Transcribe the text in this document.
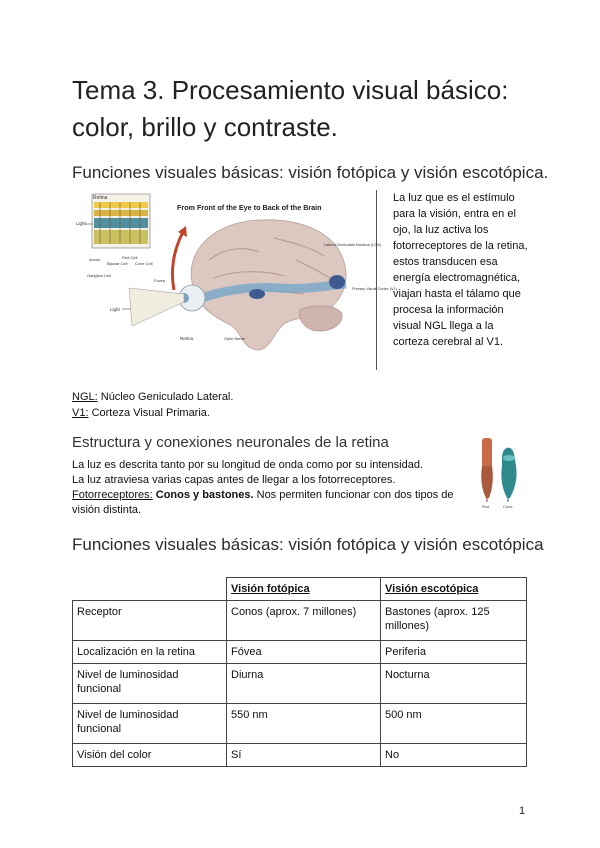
Tema 3. Procesamiento visual básico: color, brillo y contraste.
Funciones visuales básicas: visión fotópica y visión escotópica.
Retina
Light
Axons
Ganglion Cell
Bipolar Cell
Rod Cell
Cone Cell
Fovea
From Front of the Eye to Back of the Brain
Light
Retina	Optic Nerve
Lateral Geniculate Nucleus (LGN)
Primary Visual Cortex (V1)

La luz que es el estímulo para la visión, entra en el ojo, la luz activa los fotorreceptores de la retina, estos transducen esa energía electromagnética, viajan hasta el tálamo que procesa la información visual NGL llega a la corteza cerebral al V1.

NGL: Núcleo Geniculado Lateral.
V1: Corteza Visual Primaria.
Estructura y conexiones neuronales de la retina
La luz es descrita tanto por su longitud de onda como por su intensidad.
La luz atraviesa varias capas antes de llegar a los fotorreceptores.
Fotorreceptores: Conos y bastones. Nos permiten funcionar con dos tipos de visión distinta.	Rod	Cone
Funciones visuales básicas: visión fotópica y visión escotópica
	Visión fotópica	Visión escotópica
Receptor	Conos (aprox. 7 millones)	Bastones (aprox. 125 millones)
Localización en la retina	Fóvea	Periferia
Nivel de luminosidad funcional	Diurna	Nocturna
Nivel de luminosidad funcional	550 nm	500 nm
Visión del color	Sí	No
1
